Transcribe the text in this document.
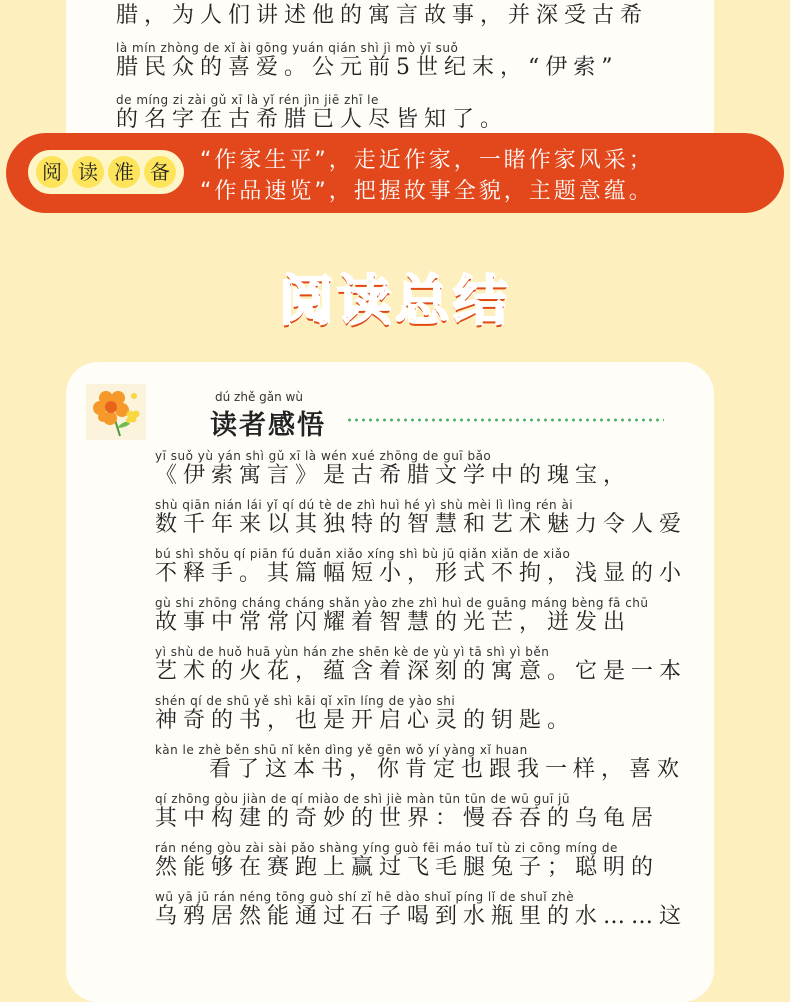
腊，为人们讲述他的寓言故事，并深受古希
là mín zhòng de xǐ ài gōng yuán qián shì jì mò yī suǒ
腊民众的喜爱。公元前5世纪末，“伊索”
de míng zi zài gǔ xī là yǐ rén jìn jiē zhī le
的名字在古希腊已人尽皆知了。
阅 读 准 备 “作家生平”，走近作家，一睹作家风采；
“作品速览”，把握故事全貌，主题意蕴。
阅读总结
dú zhě gǎn wù
读者感悟
yī suǒ yù yán shì gǔ xī là wén xué zhōng de guī bǎo
《伊索寓言》是古希腊文学中的瑰宝，
shù qiān nián lái yǐ qí dú tè de zhì huì hé yì shù mèi lì lìng rén ài
数千年来以其独特的智慧和艺术魅力令人爱
bú shì shǒu qí piān fú duǎn xiǎo xíng shì bù jū qiǎn xiǎn de xiǎo
不释手。其篇幅短小，形式不拘，浅显的小
gù shi zhōng cháng cháng shǎn yào zhe zhì huì de guāng máng bèng fā chū
故事中常常闪耀着智慧的光芒，迸发出
yì shù de huǒ huā yùn hán zhe shēn kè de yù yì tā shì yì běn
艺术的火花，蕴含着深刻的寓意。它是一本
shén qí de shū yě shì kāi qǐ xīn líng de yào shi
神奇的书，也是开启心灵的钥匙。
kàn le zhè běn shū nǐ kěn dìng yě gēn wǒ yí yàng xǐ huan
看了这本书，你肯定也跟我一样，喜欢
qí zhōng gòu jiàn de qí miào de shì jiè màn tūn tūn de wū guī jū
其中构建的奇妙的世界：慢吞吞的乌龟居
rán néng gòu zài sài pǎo shàng yíng guò fēi máo tuǐ tù zi cōng míng de
然能够在赛跑上赢过飞毛腿兔子；聪明的
wū yā jū rán néng tōng guò shí zǐ hē dào shuǐ píng lǐ de shuǐ zhè
乌鸦居然能通过石子喝到水瓶里的水……这
